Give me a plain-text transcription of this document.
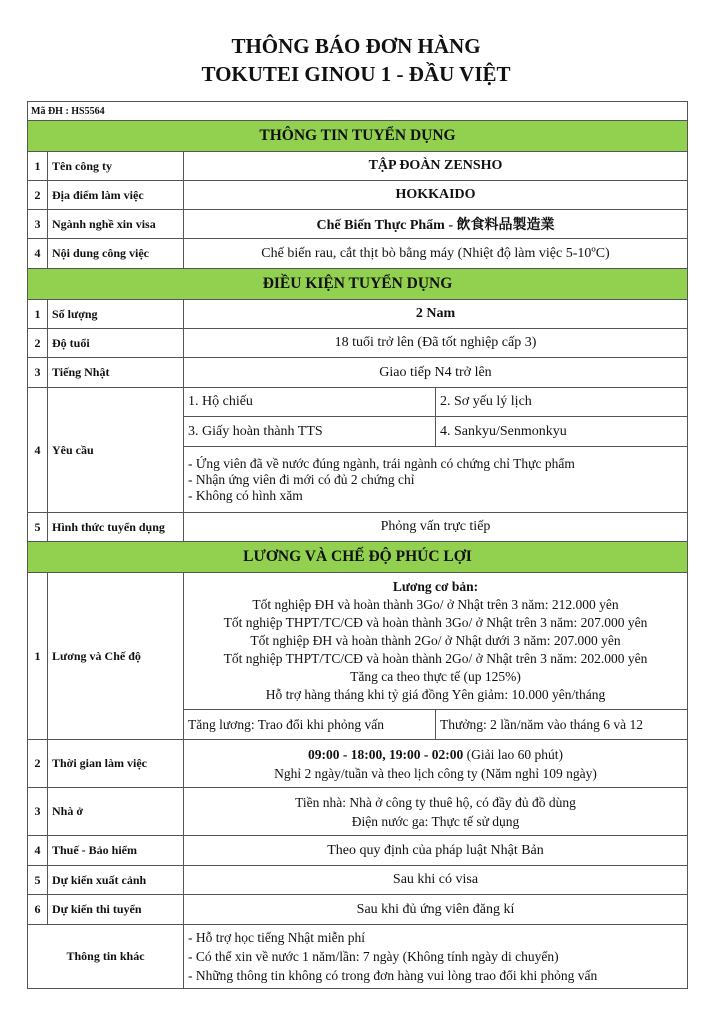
THÔNG BÁO ĐƠN HÀNG
TOKUTEI GINOU 1 - ĐẦU VIỆT
Mã ĐH : HS5564
THÔNG TIN TUYỂN DỤNG
1 Tên công ty	TẬP ĐOÀN ZENSHO
2 Địa điểm làm việc	HOKKAIDO
3 Ngành nghề xin visa	Chế Biến Thực Phẩm - 飲食料品製造業
4 Nội dung công việc	Chế biến rau, cắt thịt bò bằng máy (Nhiệt độ làm việc 5-10ºC)
ĐIỀU KIỆN TUYỂN DỤNG
1 Số lượng	2 Nam
2 Độ tuổi	18 tuổi trở lên (Đã tốt nghiệp cấp 3)
3 Tiếng Nhật	Giao tiếp N4 trở lên
4 Yêu cầu
1. Hộ chiếu	2. Sơ yếu lý lịch
3. Giấy hoàn thành TTS	4. Sankyu/Senmonkyu
- Ứng viên đã về nước đúng ngành, trái ngành có chứng chỉ Thực phẩm
- Nhận ứng viên đi mới có đủ 2 chứng chỉ
- Không có hình xăm
5 Hình thức tuyển dụng	Phỏng vấn trực tiếp
LƯƠNG VÀ CHẾ ĐỘ PHÚC LỢI
1 Lương và Chế độ
Lương cơ bản:
Tốt nghiệp ĐH và hoàn thành 3Go/ ở Nhật trên 3 năm: 212.000 yên
Tốt nghiệp THPT/TC/CĐ và hoàn thành 3Go/ ở Nhật trên 3 năm: 207.000 yên
Tốt nghiệp ĐH và hoàn thành 2Go/ ở Nhật dưới 3 năm: 207.000 yên
Tốt nghiệp THPT/TC/CĐ và hoàn thành 2Go/ ở Nhật trên 3 năm: 202.000 yên
Tăng ca theo thực tế (up 125%)
Hỗ trợ hàng tháng khi tỷ giá đồng Yên giảm: 10.000 yên/tháng
Tăng lương: Trao đổi khi phỏng vấn	Thưởng: 2 lần/năm vào tháng 6 và 12
2 Thời gian làm việc
09:00 - 18:00, 19:00 - 02:00 (Giải lao 60 phút)
Nghỉ 2 ngày/tuần và theo lịch công ty (Năm nghỉ 109 ngày)
3 Nhà ở
Tiền nhà: Nhà ở công ty thuê hộ, có đầy đủ đồ dùng
Điện nước ga: Thực tế sử dụng
4 Thuế - Bảo hiểm	Theo quy định của pháp luật Nhật Bản
5 Dự kiến xuất cảnh	Sau khi có visa
6 Dự kiến thi tuyển	Sau khi đủ ứng viên đăng kí
Thông tin khác
- Hỗ trợ học tiếng Nhật miễn phí
- Có thể xin về nước 1 năm/lần: 7 ngày (Không tính ngày di chuyển)
- Những thông tin không có trong đơn hàng vui lòng trao đổi khi phỏng vấn
